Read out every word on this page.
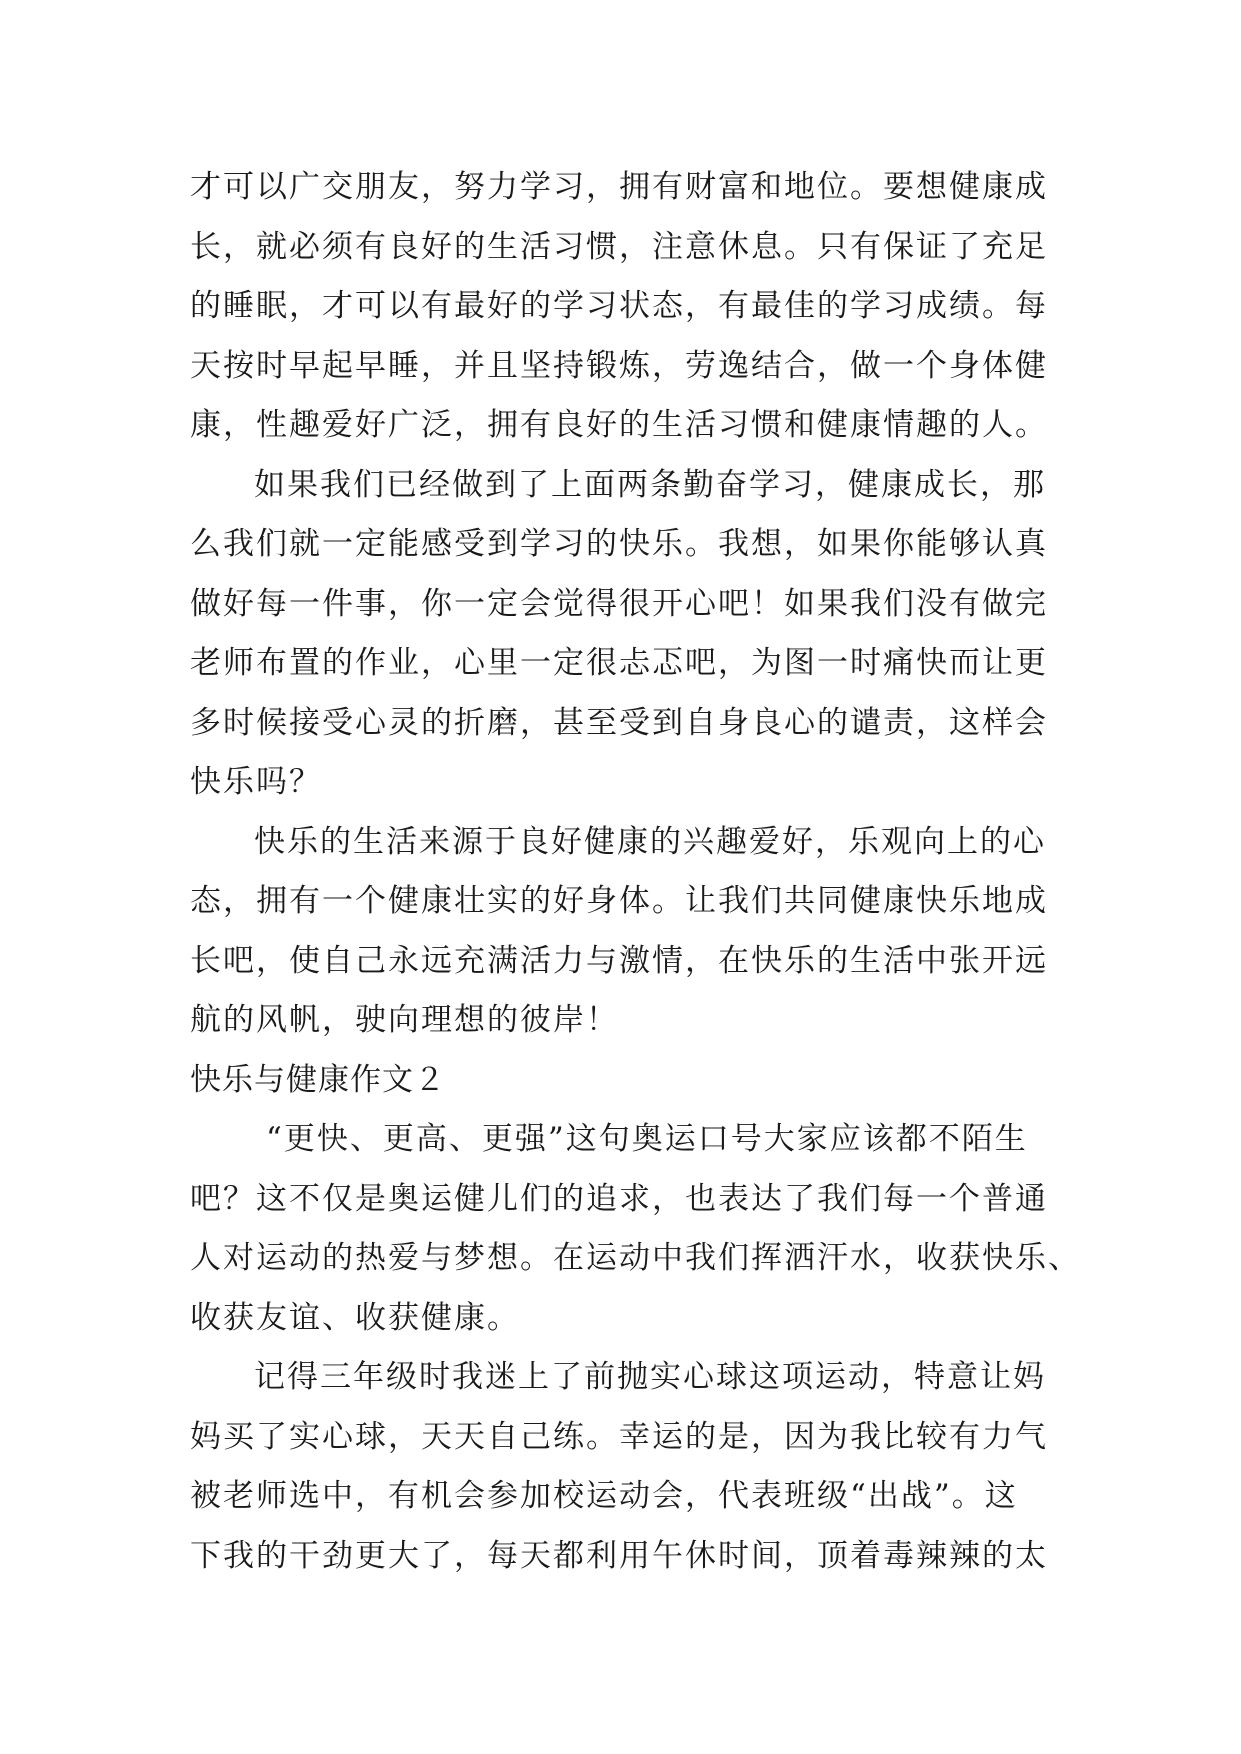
才可以广交朋友，努力学习，拥有财富和地位。要想健康成
长，就必须有良好的生活习惯，注意休息。只有保证了充足
的睡眠，才可以有最好的学习状态，有最佳的学习成绩。每
天按时早起早睡，并且坚持锻炼，劳逸结合，做一个身体健
康，性趣爱好广泛，拥有良好的生活习惯和健康情趣的人。
如果我们已经做到了上面两条勤奋学习，健康成长，那
么我们就一定能感受到学习的快乐。我想，如果你能够认真
做好每一件事，你一定会觉得很开心吧！如果我们没有做完
老师布置的作业，心里一定很忐忑吧，为图一时痛快而让更
多时候接受心灵的折磨，甚至受到自身良心的谴责，这样会
快乐吗？
快乐的生活来源于良好健康的兴趣爱好，乐观向上的心
态，拥有一个健康壮实的好身体。让我们共同健康快乐地成
长吧，使自己永远充满活力与激情，在快乐的生活中张开远
航的风帆，驶向理想的彼岸！
快乐与健康作文２
“更快、更高、更强”这句奥运口号大家应该都不陌生
吧？这不仅是奥运健儿们的追求，也表达了我们每一个普通
人对运动的热爱与梦想。在运动中我们挥洒汗水，收获快乐、
收获友谊、收获健康。
记得三年级时我迷上了前抛实心球这项运动，特意让妈
妈买了实心球，天天自己练。幸运的是，因为我比较有力气
被老师选中，有机会参加校运动会，代表班级“出战”。这
下我的干劲更大了，每天都利用午休时间，顶着毒辣辣的太
